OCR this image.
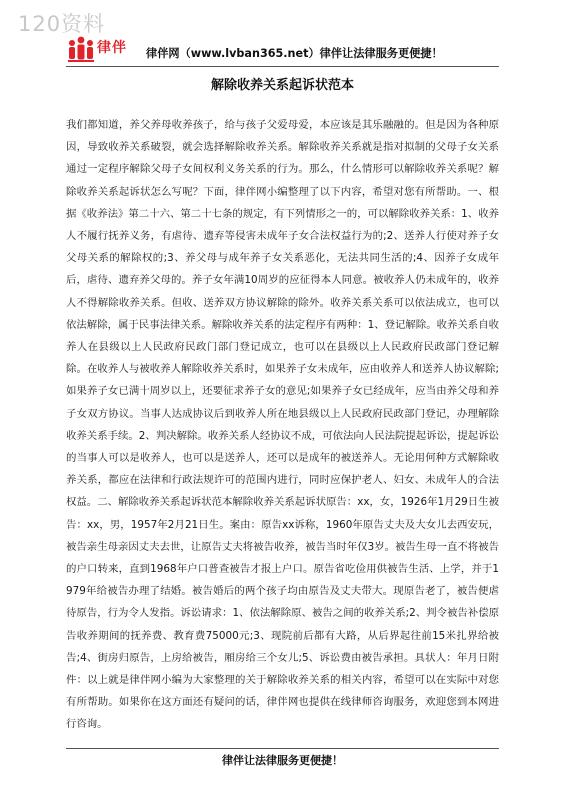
120资料
律伴 律伴网（www.lvban365.net）律伴让法律服务更便捷！
解除收养关系起诉状范本
我们都知道，养父养母收养孩子，给与孩子父爱母爱，本应该是其乐融融的。但是因为各种原因，导致收养关系破裂，就会选择解除收养关系。解除收养关系就是指对拟制的父母子女关系通过一定程序解除父母子女间权利义务关系的行为。那么，什么情形可以解除收养关系呢？解除收养关系起诉状怎么写呢？下面，律伴网小编整理了以下内容，希望对您有所帮助。一、根据《收养法》第二十六、第二十七条的规定，有下列情形之一的，可以解除收养关系：1、收养人不履行抚养义务，有虐待、遗弃等侵害未成年子女合法权益行为的;2、送养人行使对养子女父母关系的解除权的;3、养父母与成年养子女关系恶化，无法共同生活的;4、因养子女成年后，虐待、遗弃养父母的。养子女年满10周岁的应征得本人同意。被收养人仍未成年的，收养人不得解除收养关系。但收、送养双方协议解除的除外。收养关系关系可以依法成立，也可以依法解除，属于民事法律关系。解除收养关系的法定程序有两种：1、登记解除。收养关系自收养人在县级以上人民政府民政门部门登记成立，也可以在县级以上人民政府民政部门登记解除。在收养人与被收养人解除收养关系时，如果养子女未成年，应由收养人和送养人协议解除;如果养子女已满十周岁以上，还要征求养子女的意见;如果养子女已经成年，应当由养父母和养子女双方协议。当事人达成协议后到收养人所在地县级以上人民政府民政部门登记，办理解除收养关系手续。2、判决解除。收养关系人经协议不成，可依法向人民法院提起诉讼，提起诉讼的当事人可以是收养人，也可以是送养人，还可以是成年的被送养人。无论用何种方式解除收养关系，都应在法律和行政法规许可的范围内进行，同时应保护老人、妇女、未成年人的合法权益。二、解除收养关系起诉状范本解除收养关系起诉状原告：xx，女，1926年1月29日生被告：xx，男，1957年2月21日生。案由：原告xx诉称，1960年原告丈夫及大女儿去西安玩，被告亲生母亲因丈夫去世，让原告丈夫将被告收养，被告当时年仅3岁。被告生母一直不将被告的户口转来，直到1968年户口普查被告才报上户口。原告省吃俭用供被告生活、上学，并于1979年给被告办理了结婚。被告婚后的两个孩子均由原告及丈夫带大。现原告老了，被告便虐待原告，行为令人发指。诉讼请求：1、依法解除原、被告之间的收养关系;2、判令被告补偿原告收养期间的抚养费、教育费75000元;3、现院前后都有大路，从后界起往前15米扎界给被告;4、街房归原告，上房给被告，厢房给三个女儿;5、诉讼费由被告承担。具状人：年月日附件：以上就是律伴网小编为大家整理的关于解除收养关系的相关内容，希望可以在实际中对您有所帮助。如果你在这方面还有疑问的话，律伴网也提供在线律师咨询服务，欢迎您到本网进行咨询。
律伴让法律服务更便捷！
